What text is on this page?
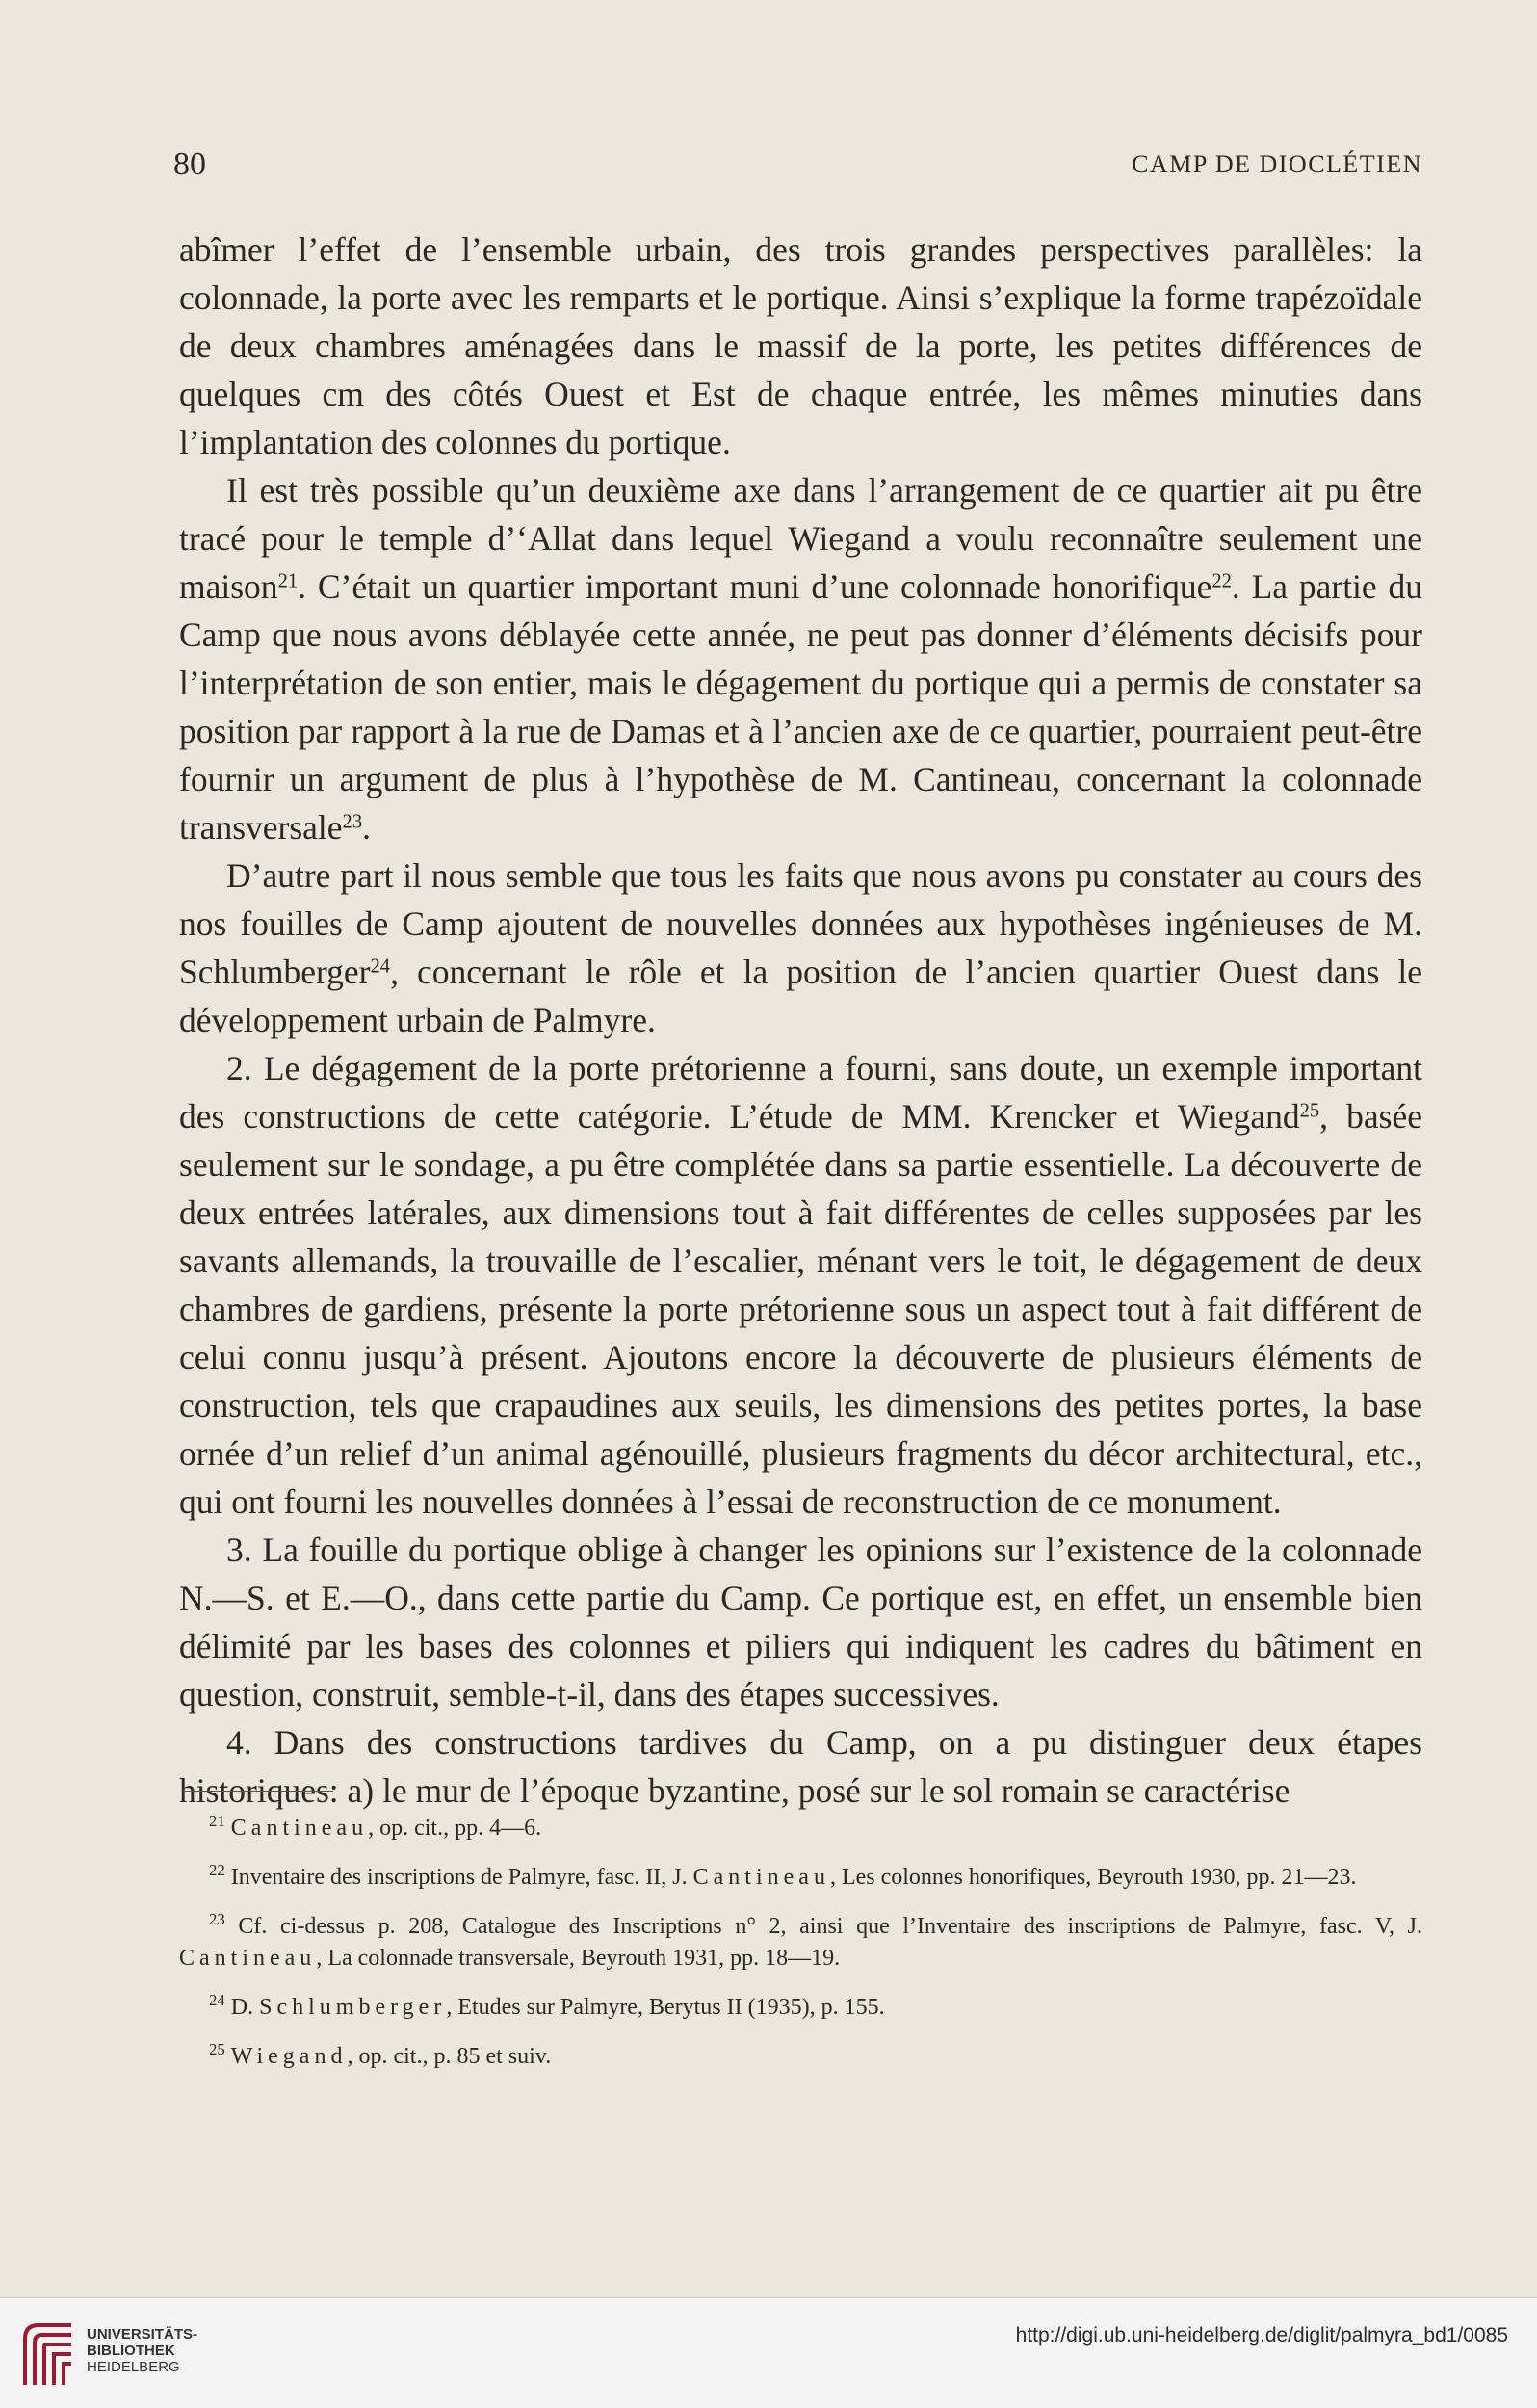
80	CAMP DE DIOCLÉTIEN

abîmer l’effet de l’ensemble urbain, des trois grandes perspectives parallèles: la colonnade, la porte avec les remparts et le portique. Ainsi s’explique la forme trapézoïdale de deux chambres aménagées dans le massif de la porte, les petites différences de quelques cm des côtés Ouest et Est de chaque entrée, les mêmes minuties dans l’implantation des colonnes du portique.

Il est très possible qu’un deuxième axe dans l’arrangement de ce quartier ait pu être tracé pour le temple d’‘Allat dans lequel Wiegand a voulu reconnaître seulement une maison$^{21}$. C’était un quartier important muni d’une colonnade honorifique$^{22}$. La partie du Camp que nous avons déblayée cette année, ne peut pas donner d’éléments décisifs pour l’interprétation de son entier, mais le dégagement du portique qui a permis de constater sa position par rapport à la rue de Damas et à l’ancien axe de ce quartier, pourraient peut-être fournir un argument de plus à l’hypothèse de M. Cantineau, concernant la colonnade transversale$^{23}$.

D’autre part il nous semble que tous les faits que nous avons pu constater au cours des nos fouilles de Camp ajoutent de nouvelles données aux hypothèses ingénieuses de M. Schlumberger$^{24}$, concernant le rôle et la position de l’ancien quartier Ouest dans le développement urbain de Palmyre.

2. Le dégagement de la porte prétorienne a fourni, sans doute, un exemple important des constructions de cette catégorie. L’étude de MM. Krencker et Wiegand$^{25}$, basée seulement sur le sondage, a pu être complétée dans sa partie essentielle. La découverte de deux entrées latérales, aux dimensions tout à fait différentes de celles supposées par les savants allemands, la trouvaille de l’escalier, ménant vers le toit, le dégagement de deux chambres de gardiens, présente la porte prétorienne sous un aspect tout à fait différent de celui connu jusqu’à présent. Ajoutons encore la découverte de plusieurs éléments de construction, tels que crapaudines aux seuils, les dimensions des petites portes, la base ornée d’un relief d’un animal agénouillé, plusieurs fragments du décor architectural, etc., qui ont fourni les nouvelles données à l’essai de reconstruction de ce monument.

3. La fouille du portique oblige à changer les opinions sur l’existence de la colonnade N.—S. et E.—O., dans cette partie du Camp. Ce portique est, en effet, un ensemble bien délimité par les bases des colonnes et piliers qui indiquent les cadres du bâtiment en question, construit, semble-t-il, dans des étapes successives.

4. Dans des constructions tardives du Camp, on a pu distinguer deux étapes historiques: a) le mur de l’époque byzantine, posé sur le sol romain se caractérise

$^{21}$ Cantineau, op. cit., pp. 4—6.

$^{22}$ Inventaire des inscriptions de Palmyre, fasc. II, J. Cantineau, Les colonnes honorifiques, Beyrouth 1930, pp. 21—23.

$^{23}$ Cf. ci-dessus p. 208, Catalogue des Inscriptions n° 2, ainsi que l’Inventaire des inscriptions de Palmyre, fasc. V, J. Cantineau, La colonnade transversale, Beyrouth 1931, pp. 18—19.

$^{24}$ D. Schlumberger, Etudes sur Palmyre, Berytus II (1935), p. 155.

$^{25}$ Wiegand, op. cit., p. 85 et suiv.

UNIVERSITÄTS-
BIBLIOTHEK
HEIDELBERG
http://digi.ub.uni-heidelberg.de/diglit/palmyra_bd1/0085
